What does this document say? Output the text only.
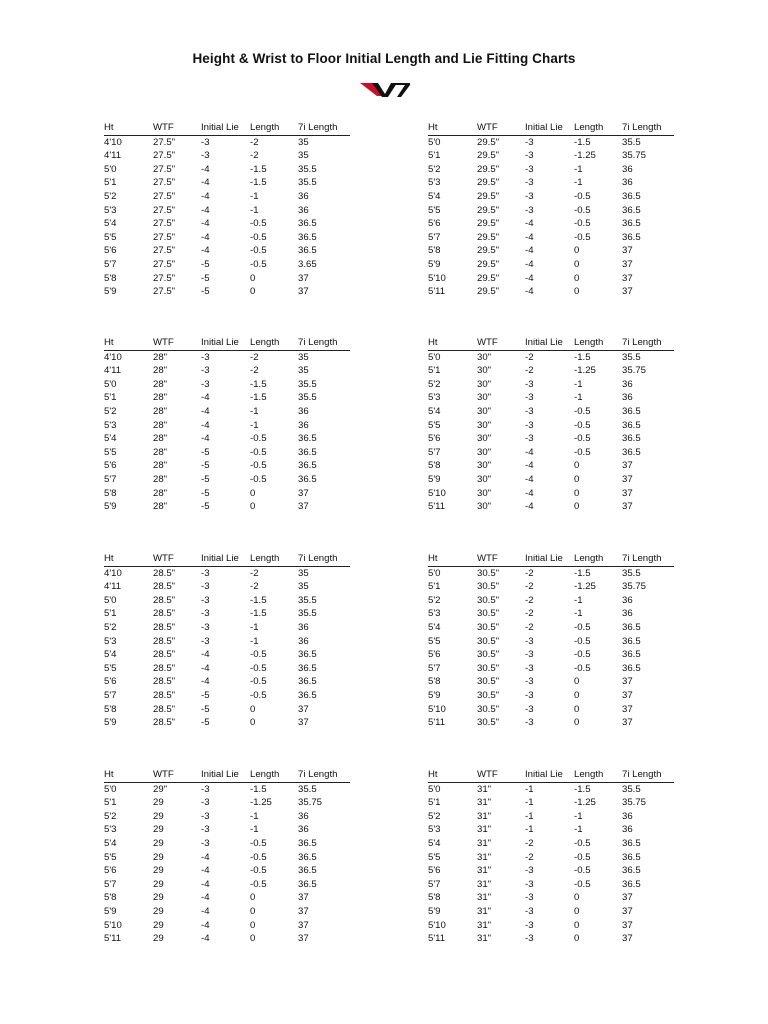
Height & Wrist to Floor Initial Length and Lie Fitting Charts
Ht	WTF	Initial Lie	Length	7i Length
4'10	27.5"	-3	-2	35
4'11	27.5"	-3	-2	35
5'0	27.5"	-4	-1.5	35.5
5'1	27.5"	-4	-1.5	35.5
5'2	27.5"	-4	-1	36
5'3	27.5"	-4	-1	36
5'4	27.5"	-4	-0.5	36.5
5'5	27.5"	-4	-0.5	36.5
5'6	27.5"	-4	-0.5	36.5
5'7	27.5"	-5	-0.5	3.65
5'8	27.5"	-5	0	37
5'9	27.5"	-5	0	37
Ht	WTF	Initial Lie	Length	7i Length
5'0	29.5"	-3	-1.5	35.5
5'1	29.5"	-3	-1.25	35.75
5'2	29.5"	-3	-1	36
5'3	29.5"	-3	-1	36
5'4	29.5"	-3	-0.5	36.5
5'5	29.5"	-3	-0.5	36.5
5'6	29.5"	-4	-0.5	36.5
5'7	29.5"	-4	-0.5	36.5
5'8	29.5"	-4	0	37
5'9	29.5"	-4	0	37
5'10	29.5"	-4	0	37
5'11	29.5"	-4	0	37
Ht	WTF	Initial Lie	Length	7i Length
4'10	28"	-3	-2	35
4'11	28"	-3	-2	35
5'0	28"	-3	-1.5	35.5
5'1	28"	-4	-1.5	35.5
5'2	28"	-4	-1	36
5'3	28"	-4	-1	36
5'4	28"	-4	-0.5	36.5
5'5	28"	-5	-0.5	36.5
5'6	28"	-5	-0.5	36.5
5'7	28"	-5	-0.5	36.5
5'8	28"	-5	0	37
5'9	28"	-5	0	37
Ht	WTF	Initial Lie	Length	7i Length
5'0	30"	-2	-1.5	35.5
5'1	30"	-2	-1.25	35.75
5'2	30"	-3	-1	36
5'3	30"	-3	-1	36
5'4	30"	-3	-0.5	36.5
5'5	30"	-3	-0.5	36.5
5'6	30"	-3	-0.5	36.5
5'7	30"	-4	-0.5	36.5
5'8	30"	-4	0	37
5'9	30"	-4	0	37
5'10	30"	-4	0	37
5'11	30"	-4	0	37
Ht	WTF	Initial Lie	Length	7i Length
4'10	28.5"	-3	-2	35
4'11	28.5"	-3	-2	35
5'0	28.5"	-3	-1.5	35.5
5'1	28.5"	-3	-1.5	35.5
5'2	28.5"	-3	-1	36
5'3	28.5"	-3	-1	36
5'4	28.5"	-4	-0.5	36.5
5'5	28.5"	-4	-0.5	36.5
5'6	28.5"	-4	-0.5	36.5
5'7	28.5"	-5	-0.5	36.5
5'8	28.5"	-5	0	37
5'9	28.5"	-5	0	37
Ht	WTF	Initial Lie	Length	7i Length
5'0	30.5"	-2	-1.5	35.5
5'1	30.5"	-2	-1.25	35.75
5'2	30.5"	-2	-1	36
5'3	30.5"	-2	-1	36
5'4	30.5"	-2	-0.5	36.5
5'5	30.5"	-3	-0.5	36.5
5'6	30.5"	-3	-0.5	36.5
5'7	30.5"	-3	-0.5	36.5
5'8	30.5"	-3	0	37
5'9	30.5"	-3	0	37
5'10	30.5"	-3	0	37
5'11	30.5"	-3	0	37
Ht	WTF	Initial Lie	Length	7i Length
5'0	29"	-3	-1.5	35.5
5'1	29	-3	-1.25	35.75
5'2	29	-3	-1	36
5'3	29	-3	-1	36
5'4	29	-3	-0.5	36.5
5'5	29	-4	-0.5	36.5
5'6	29	-4	-0.5	36.5
5'7	29	-4	-0.5	36.5
5'8	29	-4	0	37
5'9	29	-4	0	37
5'10	29	-4	0	37
5'11	29	-4	0	37
Ht	WTF	Initial Lie	Length	7i Length
5'0	31"	-1	-1.5	35.5
5'1	31"	-1	-1.25	35.75
5'2	31"	-1	-1	36
5'3	31"	-1	-1	36
5'4	31"	-2	-0.5	36.5
5'5	31"	-2	-0.5	36.5
5'6	31"	-3	-0.5	36.5
5'7	31"	-3	-0.5	36.5
5'8	31"	-3	0	37
5'9	31"	-3	0	37
5'10	31"	-3	0	37
5'11	31"	-3	0	37
